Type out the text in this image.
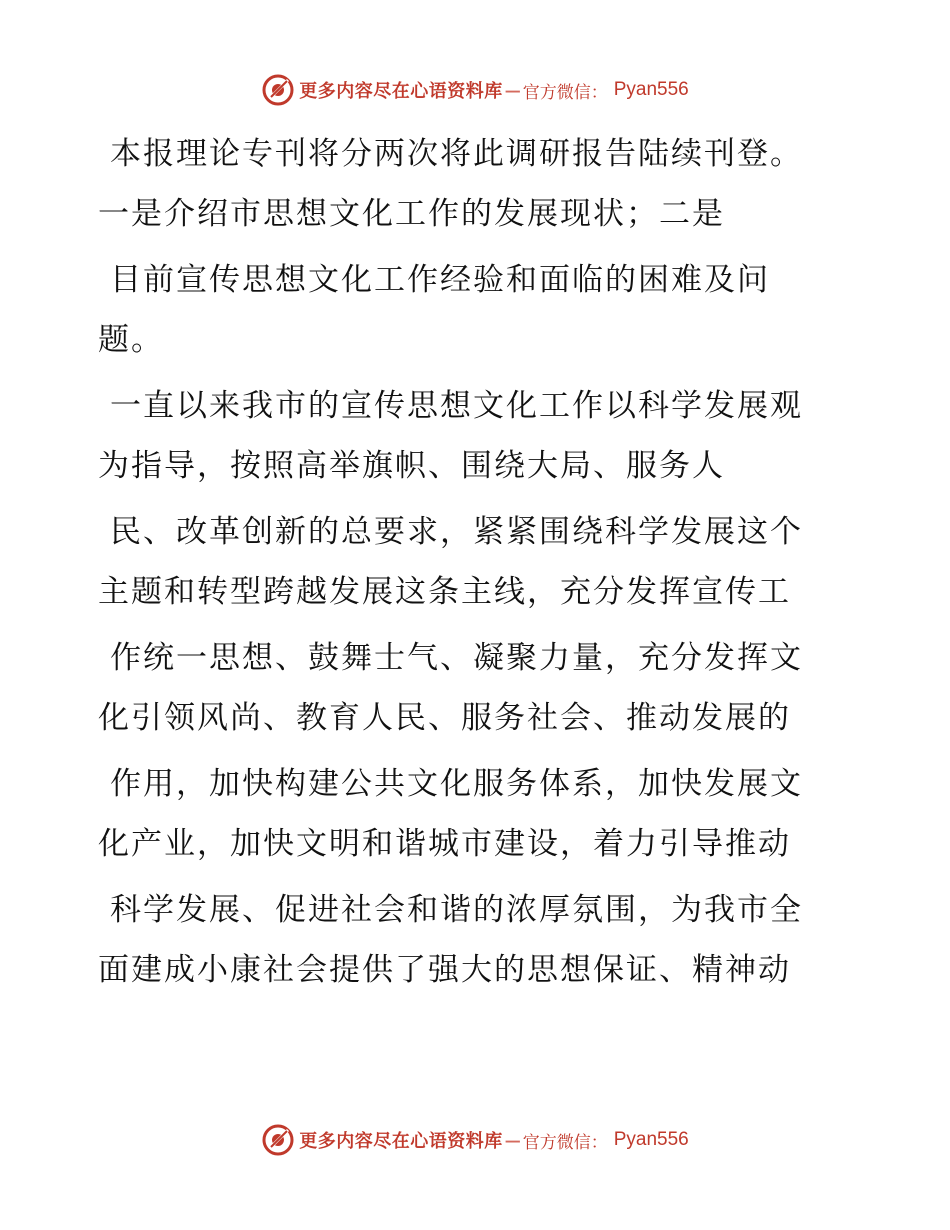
更多内容尽在心语资料库 — 官方微信： Pyan556
本报理论专刊将分两次将此调研报告陆续刊登。
一是介绍市思想文化工作的发展现状；二是
目前宣传思想文化工作经验和面临的困难及问
题。
一直以来我市的宣传思想文化工作以科学发展观
为指导，按照高举旗帜、围绕大局、服务人
民、改革创新的总要求，紧紧围绕科学发展这个
主题和转型跨越发展这条主线，充分发挥宣传工
作统一思想、鼓舞士气、凝聚力量，充分发挥文
化引领风尚、教育人民、服务社会、推动发展的
作用，加快构建公共文化服务体系，加快发展文
化产业，加快文明和谐城市建设，着力引导推动
科学发展、促进社会和谐的浓厚氛围，为我市全
面建成小康社会提供了强大的思想保证、精神动
更多内容尽在心语资料库 — 官方微信： Pyan556
